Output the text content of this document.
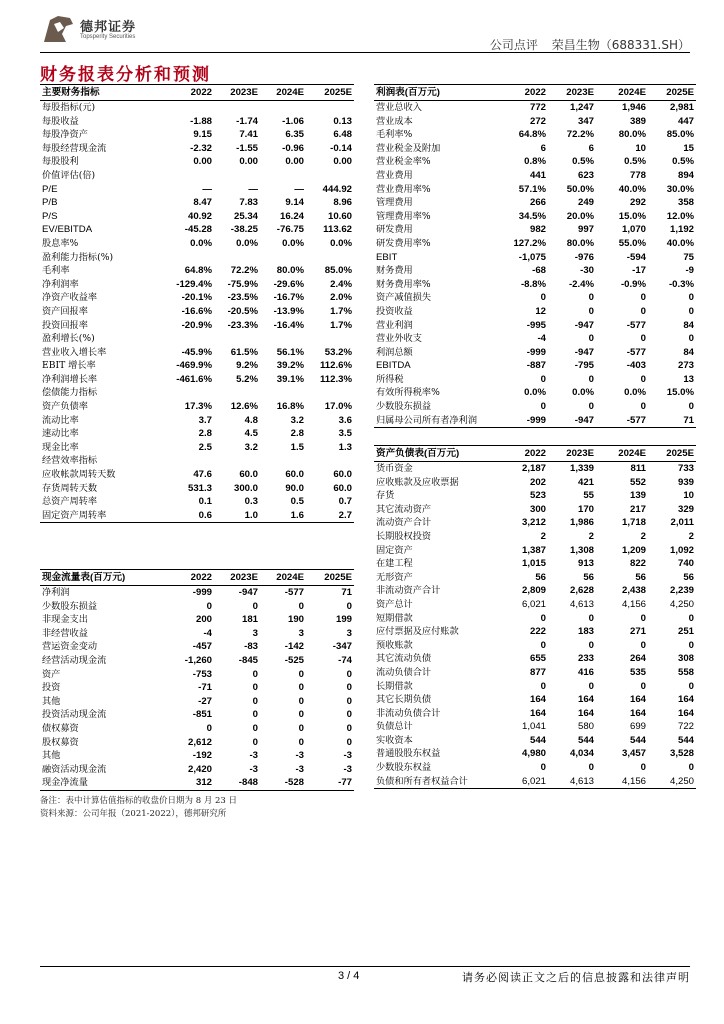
德邦证券
Topsperity Securities
公司点评 荣昌生物（688331.SH）
财务报表分析和预测
主要财务指标	2022	2023E	2024E	2025E
每股指标(元)				
每股收益	-1.88	-1.74	-1.06	0.13
每股净资产	9.15	7.41	6.35	6.48
每股经营现金流	-2.32	-1.55	-0.96	-0.14
每股股利	0.00	0.00	0.00	0.00
价值评估(倍)				
P/E	—	—	—	444.92
P/B	8.47	7.83	9.14	8.96
P/S	40.92	25.34	16.24	10.60
EV/EBITDA	-45.28	-38.25	-76.75	113.62
股息率%	0.0%	0.0%	0.0%	0.0%
盈利能力指标(%)				
毛利率	64.8%	72.2%	80.0%	85.0%
净利润率	-129.4%	-75.9%	-29.6%	2.4%
净资产收益率	-20.1%	-23.5%	-16.7%	2.0%
资产回报率	-16.6%	-20.5%	-13.9%	1.7%
投资回报率	-20.9%	-23.3%	-16.4%	1.7%
盈利增长(%)				
营业收入增长率	-45.9%	61.5%	56.1%	53.2%
EBIT 增长率	-469.9%	9.2%	39.2%	112.6%
净利润增长率	-461.6%	5.2%	39.1%	112.3%
偿债能力指标				
资产负债率	17.3%	12.6%	16.8%	17.0%
流动比率	3.7	4.8	3.2	3.6
速动比率	2.8	4.5	2.8	3.5
现金比率	2.5	3.2	1.5	1.3
经营效率指标				
应收帐款周转天数	47.6	60.0	60.0	60.0
存货周转天数	531.3	300.0	90.0	60.0
总资产周转率	0.1	0.3	0.5	0.7
固定资产周转率	0.6	1.0	1.6	2.7
利润表(百万元)	2022	2023E	2024E	2025E
营业总收入	772	1,247	1,946	2,981
营业成本	272	347	389	447
毛利率%	64.8%	72.2%	80.0%	85.0%
营业税金及附加	6	6	10	15
营业税金率%	0.8%	0.5%	0.5%	0.5%
营业费用	441	623	778	894
营业费用率%	57.1%	50.0%	40.0%	30.0%
管理费用	266	249	292	358
管理费用率%	34.5%	20.0%	15.0%	12.0%
研发费用	982	997	1,070	1,192
研发费用率%	127.2%	80.0%	55.0%	40.0%
EBIT	-1,075	-976	-594	75
财务费用	-68	-30	-17	-9
财务费用率%	-8.8%	-2.4%	-0.9%	-0.3%
资产减值损失	0	0	0	0
投资收益	12	0	0	0
营业利润	-995	-947	-577	84
营业外收支	-4	0	0	0
利润总额	-999	-947	-577	84
EBITDA	-887	-795	-403	273
所得税	0	0	0	13
有效所得税率%	0.0%	0.0%	0.0%	15.0%
少数股东损益	0	0	0	0
归属母公司所有者净利润	-999	-947	-577	71
资产负债表(百万元)	2022	2023E	2024E	2025E
货币资金	2,187	1,339	811	733
应收账款及应收票据	202	421	552	939
存货	523	55	139	10
其它流动资产	300	170	217	329
流动资产合计	3,212	1,986	1,718	2,011
长期股权投资	2	2	2	2
固定资产	1,387	1,308	1,209	1,092
在建工程	1,015	913	822	740
无形资产	56	56	56	56
非流动资产合计	2,809	2,628	2,438	2,239
资产总计	6,021	4,613	4,156	4,250
短期借款	0	0	0	0
应付票据及应付账款	222	183	271	251
预收账款	0	0	0	0
其它流动负债	655	233	264	308
流动负债合计	877	416	535	558
长期借款	0	0	0	0
其它长期负债	164	164	164	164
非流动负债合计	164	164	164	164
负债总计	1,041	580	699	722
实收资本	544	544	544	544
普通股股东权益	4,980	4,034	3,457	3,528
少数股东权益	0	0	0	0
负债和所有者权益合计	6,021	4,613	4,156	4,250
现金流量表(百万元)	2022	2023E	2024E	2025E
净利润	-999	-947	-577	71
少数股东损益	0	0	0	0
非现金支出	200	181	190	199
非经营收益	-4	3	3	3
营运资金变动	-457	-83	-142	-347
经营活动现金流	-1,260	-845	-525	-74
资产	-753	0	0	0
投资	-71	0	0	0
其他	-27	0	0	0
投资活动现金流	-851	0	0	0
债权募资	0	0	0	0
股权募资	2,612	0	0	0
其他	-192	-3	-3	-3
融资活动现金流	2,420	-3	-3	-3
现金净流量	312	-848	-528	-77
备注：表中计算估值指标的收盘价日期为 8 月 23 日
资料来源：公司年报（2021-2022），德邦研究所
3 / 4	请务必阅读正文之后的信息披露和法律声明
